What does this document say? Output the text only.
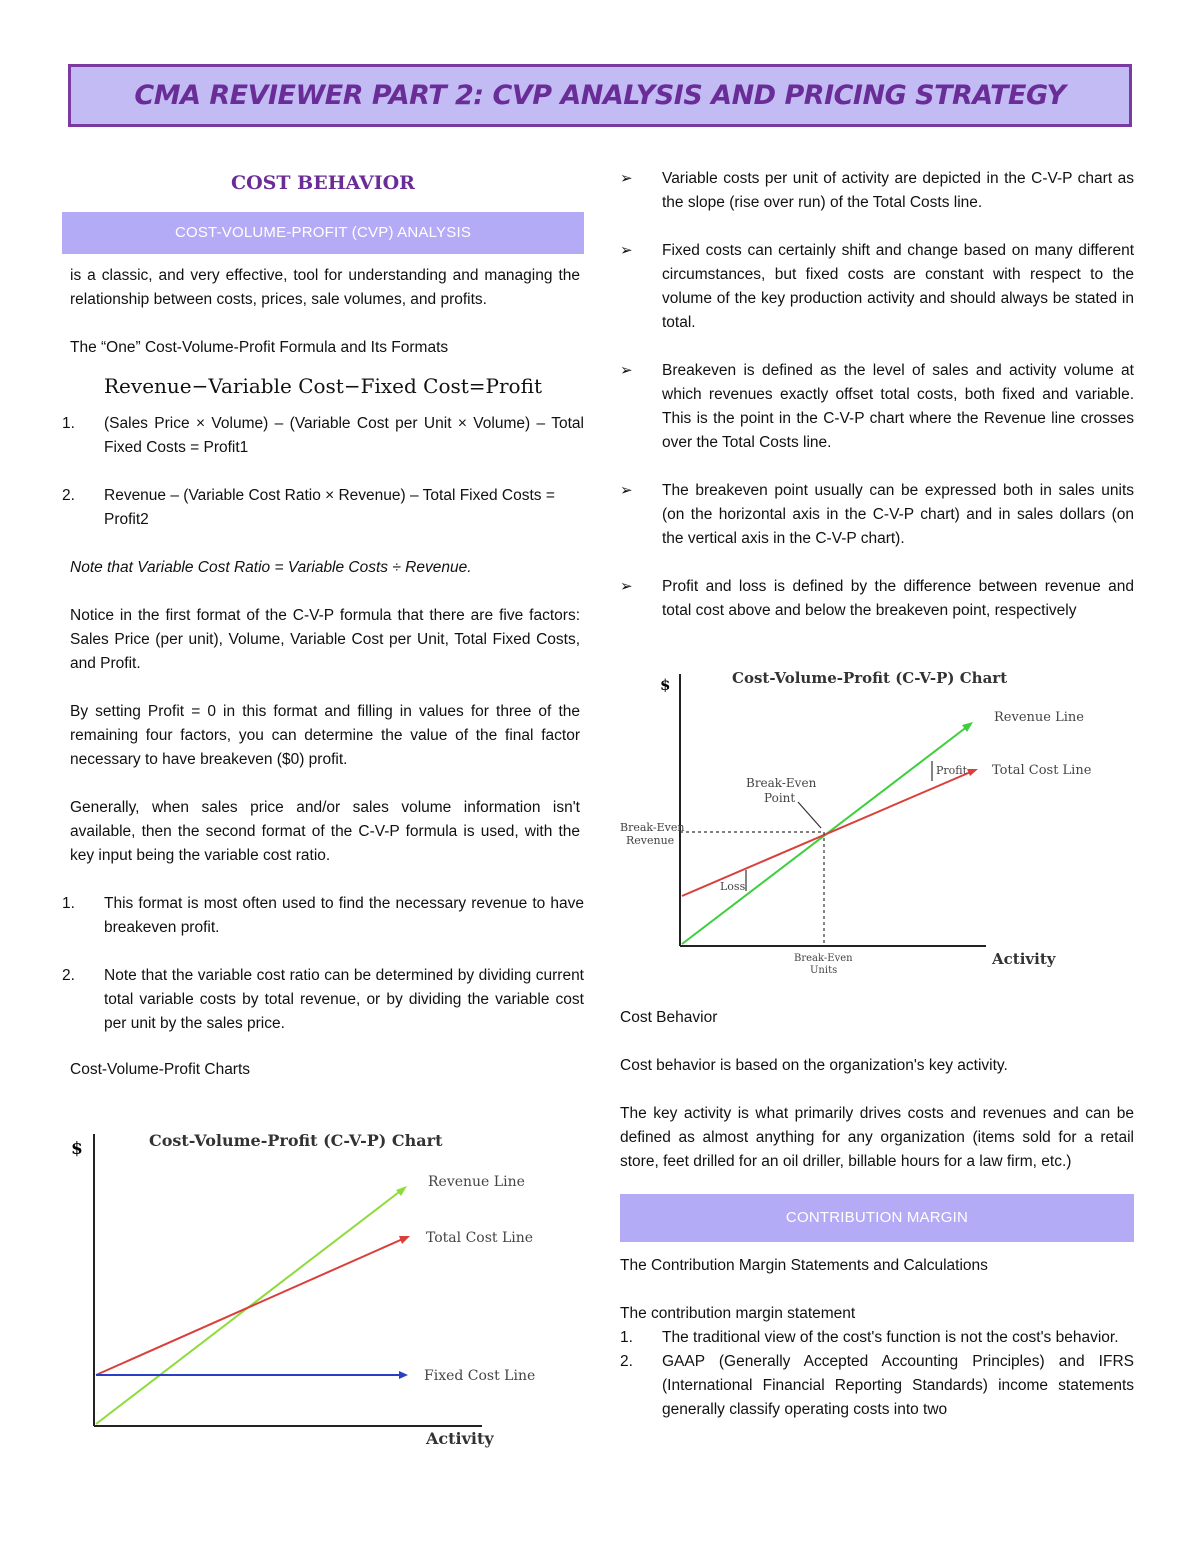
CMA REVIEWER PART 2: CVP ANALYSIS AND PRICING STRATEGY
COST BEHAVIOR
COST-VOLUME-PROFIT (CVP) ANALYSIS

is a classic, and very effective, tool for understanding and managing the relationship between costs, prices, sale volumes, and profits.

The “One” Cost-Volume-Profit Formula and Its Formats

Revenue−Variable Cost−Fixed Cost=Profit
1.	(Sales Price × Volume) – (Variable Cost per Unit × Volume) – Total Fixed Costs = Profit1
2.	Revenue – (Variable Cost Ratio × Revenue) – Total Fixed Costs = Profit2

Note that Variable Cost Ratio = Variable Costs ÷ Revenue.

Notice in the first format of the C-V-P formula that there are five factors: Sales Price (per unit), Volume, Variable Cost per Unit, Total Fixed Costs, and Profit.

By setting Profit = 0 in this format and filling in values for three of the remaining four factors, you can determine the value of the final factor necessary to have breakeven ($0) profit.

Generally, when sales price and/or sales volume information isn't available, then the second format of the C-V-P formula is used, with the key input being the variable cost ratio.

1.	This format is most often used to find the necessary revenue to have breakeven profit.
2.	Note that the variable cost ratio can be determined by dividing current total variable costs by total revenue, or by dividing the variable cost per unit by the sales price.

Cost-Volume-Profit Charts

$	Cost-Volume-Profit (C-V-P) Chart
Revenue Line
Total Cost Line
Fixed Cost Line
Activity
➢	Variable costs per unit of activity are depicted in the C-V-P chart as the slope (rise over run) of the Total Costs line.
➢	Fixed costs can certainly shift and change based on many different circumstances, but fixed costs are constant with respect to the volume of the key production activity and should always be stated in total.
➢	Breakeven is defined as the level of sales and activity volume at which revenues exactly offset total costs, both fixed and variable. This is the point in the C-V-P chart where the Revenue line crosses over the Total Costs line.
➢	The breakeven point usually can be expressed both in sales units (on the horizontal axis in the C-V-P chart) and in sales dollars (on the vertical axis in the C-V-P chart).
➢	Profit and loss is defined by the difference between revenue and total cost above and below the breakeven point, respectively
$	Cost-Volume-Profit (C-V-P) Chart
Revenue Line
Total Cost Line
Profit
Loss
Break-Even
Point
Break-Even
Revenue
Break-Even
Units
Activity

Cost Behavior

Cost behavior is based on the organization's key activity.

The key activity is what primarily drives costs and revenues and can be defined as almost anything for any organization (items sold for a retail store, feet drilled for an oil driller, billable hours for a law firm, etc.)

CONTRIBUTION MARGIN

The Contribution Margin Statements and Calculations

The contribution margin statement

1.	The traditional view of the cost's function is not the cost's behavior.
2.	GAAP (Generally Accepted Accounting Principles) and IFRS (International Financial Reporting Standards) income statements generally classify operating costs into two
